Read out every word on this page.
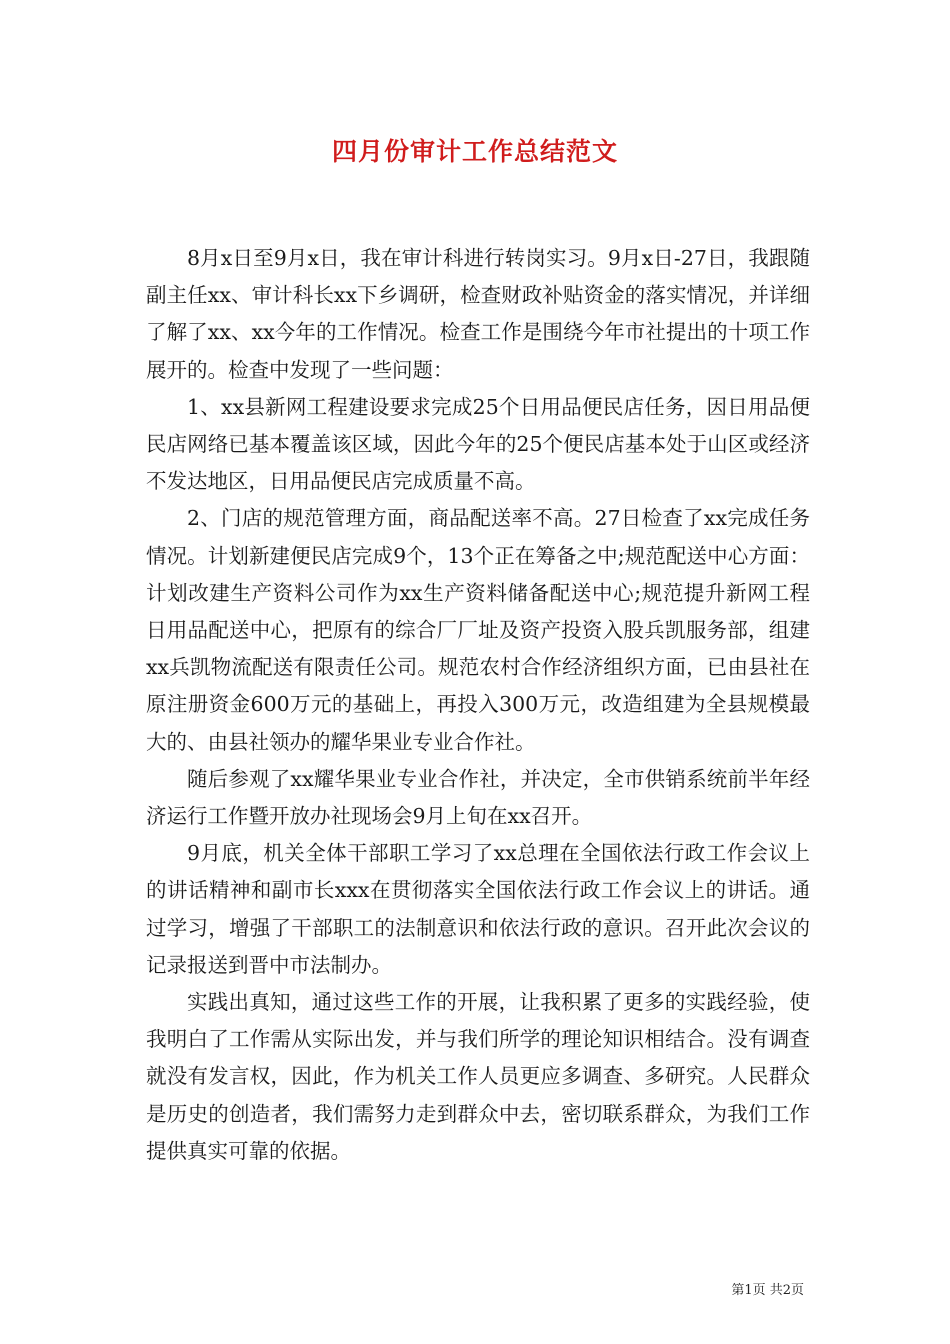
四月份审计工作总结范文

8月x日至9月x日，我在审计科进行转岗实习。9月x日-27日，我跟随副主任xx、审计科长xx下乡调研，检查财政补贴资金的落实情况，并详细了解了xx、xx今年的工作情况。检查工作是围绕今年市社提出的十项工作展开的。检查中发现了一些问题：

1、xx县新网工程建设要求完成25个日用品便民店任务，因日用品便民店网络已基本覆盖该区域，因此今年的25个便民店基本处于山区或经济不发达地区，日用品便民店完成质量不高。

2、门店的规范管理方面，商品配送率不高。27日检查了xx完成任务情况。计划新建便民店完成9个，13个正在筹备之中;规范配送中心方面：计划改建生产资料公司作为xx生产资料储备配送中心;规范提升新网工程日用品配送中心，把原有的综合厂厂址及资产投资入股兵凯服务部，组建xx兵凯物流配送有限责任公司。规范农村合作经济组织方面，已由县社在原注册资金600万元的基础上，再投入300万元，改造组建为全县规模最大的、由县社领办的耀华果业专业合作社。

随后参观了xx耀华果业专业合作社，并决定，全市供销系统前半年经济运行工作暨开放办社现场会9月上旬在xx召开。

9月底，机关全体干部职工学习了xx总理在全国依法行政工作会议上的讲话精神和副市长xxx在贯彻落实全国依法行政工作会议上的讲话。通过学习，增强了干部职工的法制意识和依法行政的意识。召开此次会议的记录报送到晋中市法制办。

实践出真知，通过这些工作的开展，让我积累了更多的实践经验，使我明白了工作需从实际出发，并与我们所学的理论知识相结合。没有调查就没有发言权，因此，作为机关工作人员更应多调查、多研究。人民群众是历史的创造者，我们需努力走到群众中去，密切联系群众，为我们工作提供真实可靠的依据。

第1页 共2页
